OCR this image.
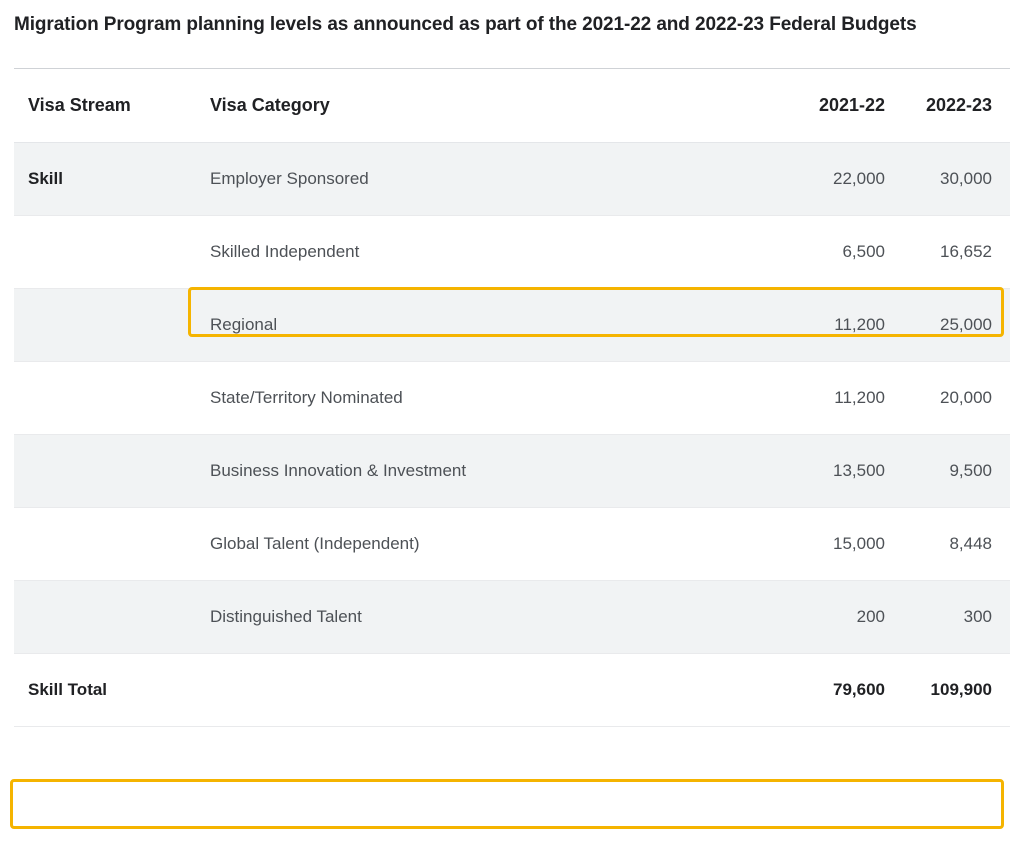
Migration Program planning levels as announced as part of the 2021-22 and 2022-23 Federal Budgets
Visa Stream	Visa Category	2021-22	2022-23
Skill	Employer Sponsored	22,000	30,000
	Skilled Independent	6,500	16,652
	Regional	11,200	25,000
	State/Territory Nominated	11,200	20,000
	Business Innovation & Investment	13,500	9,500
	Global Talent (Independent)	15,000	8,448
	Distinguished Talent	200	300
Skill Total		79,600	109,900
